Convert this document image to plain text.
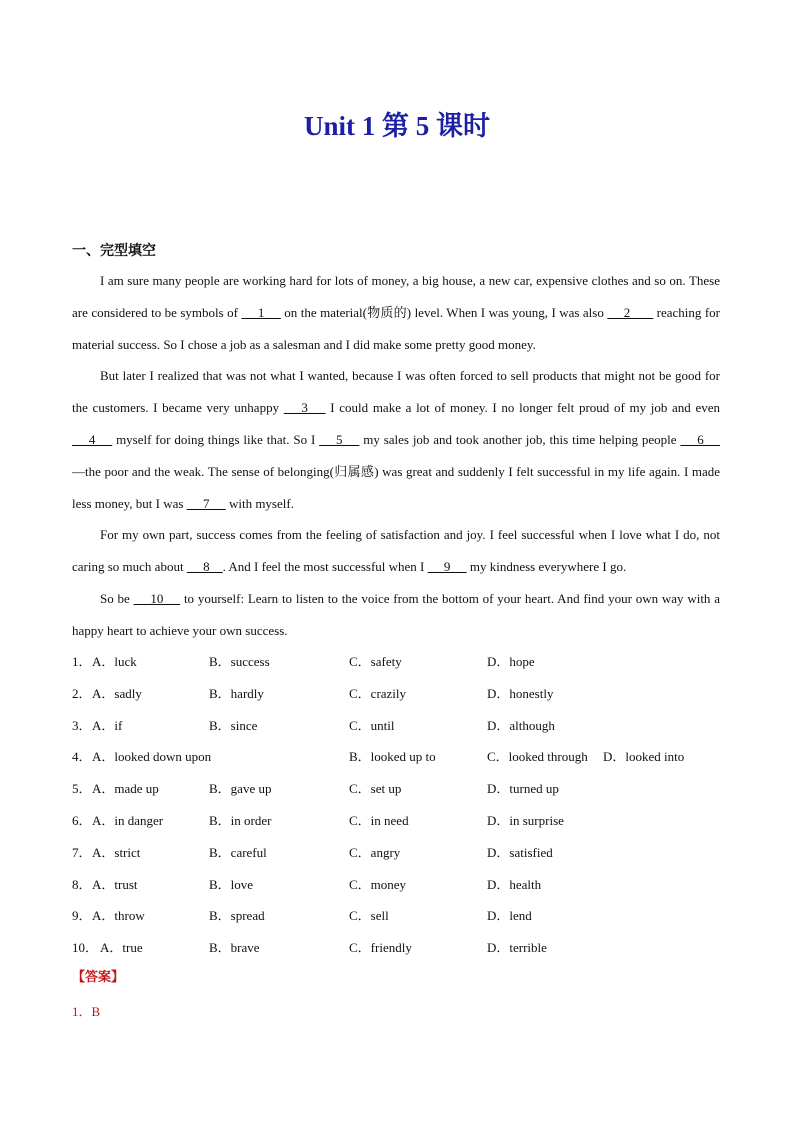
Unit 1 第 5 课时
一、完型填空

I am sure many people are working hard for lots of money, a big house, a new car, expensive clothes and so on. These are considered to be symbols of  __1__  on the material(物质的) level. When I was young, I was also  __2___  reaching for material success. So I chose a job as a salesman and I did make some pretty good money.

But later I realized that was not what I wanted, because I was often forced to sell products that might not be good for the customers. I became very unhappy  __3__  I could make a lot of money. I no longer felt proud of my job and even  __4__  myself for doing things like that. So I  __5__  my sales job and took another job, this time helping people  __6__  —the poor and the weak. The sense of belonging(归属感) was great and suddenly I felt successful in my life again. I made less money, but I was  __7__  with myself.

For my own part, success comes from the feeling of satisfaction and joy. I feel successful when I love what I do, not caring so much about  __8__. And I feel the most successful when I  __9__  my kindness everywhere I go.

So be  __10__  to yourself: Learn to listen to the voice from the bottom of your heart. And find your own way with a happy heart to achieve your own success.

1． A．luck	B．success	C．safety	D．hope
2． A．sadly	B．hardly	C．crazily	D．honestly
3． A．if	B．since	C．until	D．although
4． A．looked down upon	B．looked up to	C．looked through D．looked into
5． A．made up	B．gave up	C．set up	D．turned up
6． A．in danger	B．in order	C．in need	D．in surprise
7． A．strict	B．careful	C．angry	D．satisfied
8． A．trust	B．love	C．money	D．health
9． A．throw	B．spread	C．sell	D．lend
10． A．true	B．brave	C．friendly	D．terrible
【答案】
1．B
